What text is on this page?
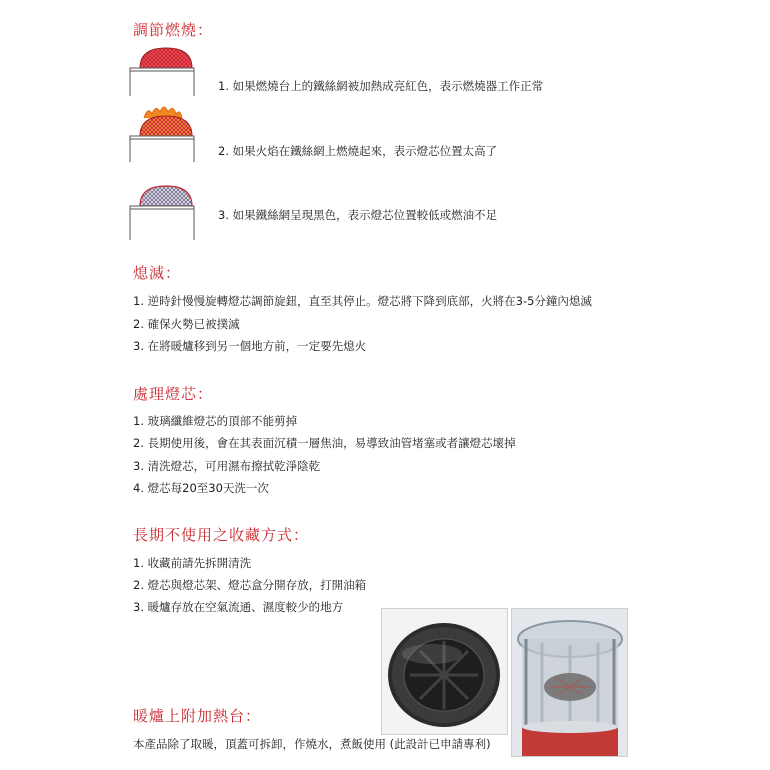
調節燃燒：
1. 如果燃燒台上的鐵絲網被加熱成亮紅色，表示燃燒器工作正常
2. 如果火焰在鐵絲網上燃燒起來，表示燈芯位置太高了
3. 如果鐵絲網呈現黑色，表示燈芯位置較低或燃油不足
熄滅：
1. 逆時針慢慢旋轉燈芯調節旋鈕，直至其停止。燈芯將下降到底部，火將在3-5分鐘內熄滅
2. 確保火勢已被撲滅
3. 在將暖爐移到另一個地方前，一定要先熄火
處理燈芯：
1. 玻璃纖維燈芯的頂部不能剪掉
2. 長期使用後，會在其表面沉積一層焦油，易導致油管堵塞或者讓燈芯壞掉
3. 清洗燈芯，可用濕布擦拭乾淨陰乾
4. 燈芯每20至30天洗一次
長期不使用之收藏方式：
1. 收藏前請先拆開清洗
2. 燈芯與燈芯架、燈芯盒分開存放，打開油箱
3. 暖爐存放在空氣流通、濕度較少的地方
暖爐上附加熱台：
本產品除了取暖，頂蓋可拆卸，作燒水，煮飯使用 (此設計已申請專利)
